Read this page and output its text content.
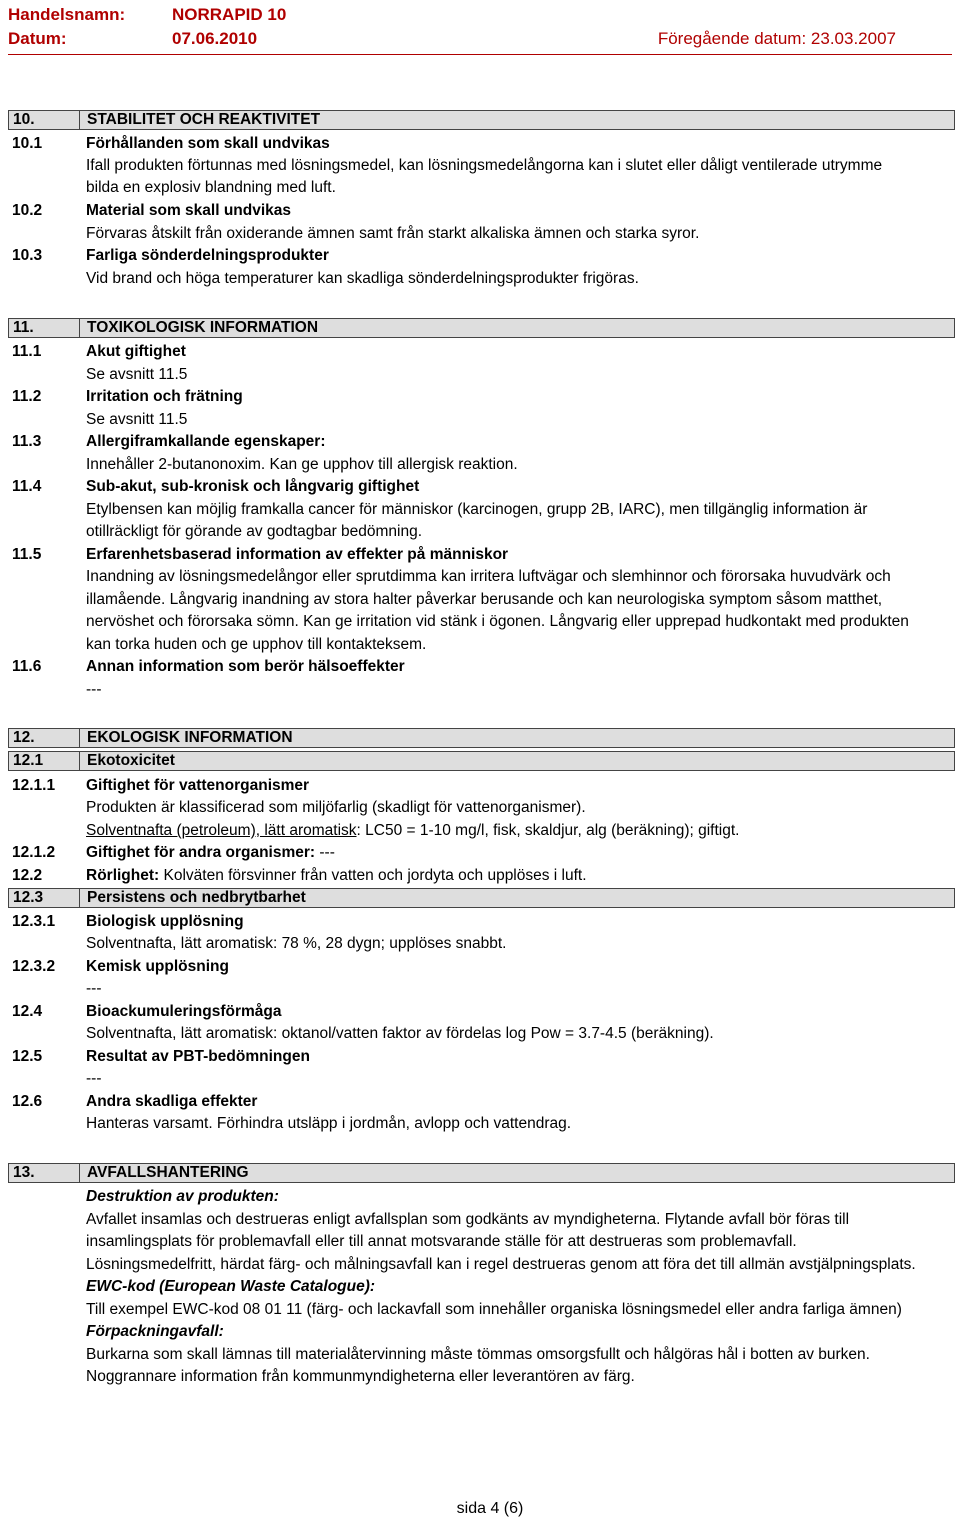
Handelsnamn:	NORRAPID 10
Datum:	07.06.2010	Föregående datum: 23.03.2007
10.	STABILITET OCH REAKTIVITET
10.1	Förhållanden som skall undvikas
Ifall produkten förtunnas med lösningsmedel, kan lösningsmedelångorna kan i slutet eller dåligt ventilerade utrymme
bilda en explosiv blandning med luft.
10.2	Material som skall undvikas
Förvaras åtskilt från oxiderande ämnen samt från starkt alkaliska ämnen och starka syror.
10.3	Farliga sönderdelningsprodukter
Vid brand och höga temperaturer kan skadliga sönderdelningsprodukter frigöras.
11.	TOXIKOLOGISK INFORMATION
11.1	Akut giftighet
Se avsnitt 11.5
11.2	Irritation och frätning
Se avsnitt 11.5
11.3	Allergiframkallande egenskaper:
Innehåller 2-butanonoxim. Kan ge upphov till allergisk reaktion.
11.4	Sub-akut, sub-kronisk och långvarig giftighet
Etylbensen kan möjlig framkalla cancer för människor (karcinogen, grupp 2B, IARC), men tillgänglig information är
otillräckligt för görande av godtagbar bedömning.
11.5	Erfarenhetsbaserad information av effekter på människor
Inandning av lösningsmedelångor eller sprutdimma kan irritera luftvägar och slemhinnor och förorsaka huvudvärk och
illamående. Långvarig inandning av stora halter påverkar berusande och kan neurologiska symptom såsom matthet,
nervöshet och förorsaka sömn. Kan ge irritation vid stänk i ögonen. Långvarig eller upprepad hudkontakt med produkten
kan torka huden och ge upphov till kontakteksem.
11.6	Annan information som berör hälsoeffekter
---
12.	EKOLOGISK INFORMATION
12.1	Ekotoxicitet
12.1.1 Giftighet för vattenorganismer
Produkten är klassificerad som miljöfarlig (skadligt för vattenorganismer).
Solventnafta (petroleum), lätt aromatisk: LC50 = 1-10 mg/l, fisk, skaldjur, alg (beräkning); giftigt.
12.1.2 Giftighet för andra organismer: ---
12.2	Rörlighet: Kolväten försvinner från vatten och jordyta och upplöses i luft.
12.3	Persistens och nedbrytbarhet
12.3.1 Biologisk upplösning
Solventnafta, lätt aromatisk: 78 %, 28 dygn; upplöses snabbt.
12.3.2 Kemisk upplösning
---
12.4	Bioackumuleringsförmåga
Solventnafta, lätt aromatisk: oktanol/vatten faktor av fördelas log Pow = 3.7-4.5 (beräkning).
12.5	Resultat av PBT-bedömningen
---
12.6	Andra skadliga effekter
Hanteras varsamt. Förhindra utsläpp i jordmån, avlopp och vattendrag.
13.	AVFALLSHANTERING
Destruktion av produkten:
Avfallet insamlas och destrueras enligt avfallsplan som godkänts av myndigheterna. Flytande avfall bör föras till
insamlingsplats för problemavfall eller till annat motsvarande ställe för att destrueras som problemavfall.
Lösningsmedelfritt, härdat färg- och målningsavfall kan i regel destrueras genom att föra det till allmän avstjälpningsplats.
EWC-kod (European Waste Catalogue):
Till exempel EWC-kod 08 01 11 (färg- och lackavfall som innehåller organiska lösningsmedel eller andra farliga ämnen)
Förpackningavfall:
Burkarna som skall lämnas till materialåtervinning måste tömmas omsorgsfullt och hålgöras hål i botten av burken.
Noggrannare information från kommunmyndigheterna eller leverantören av färg.
sida 4 (6)
